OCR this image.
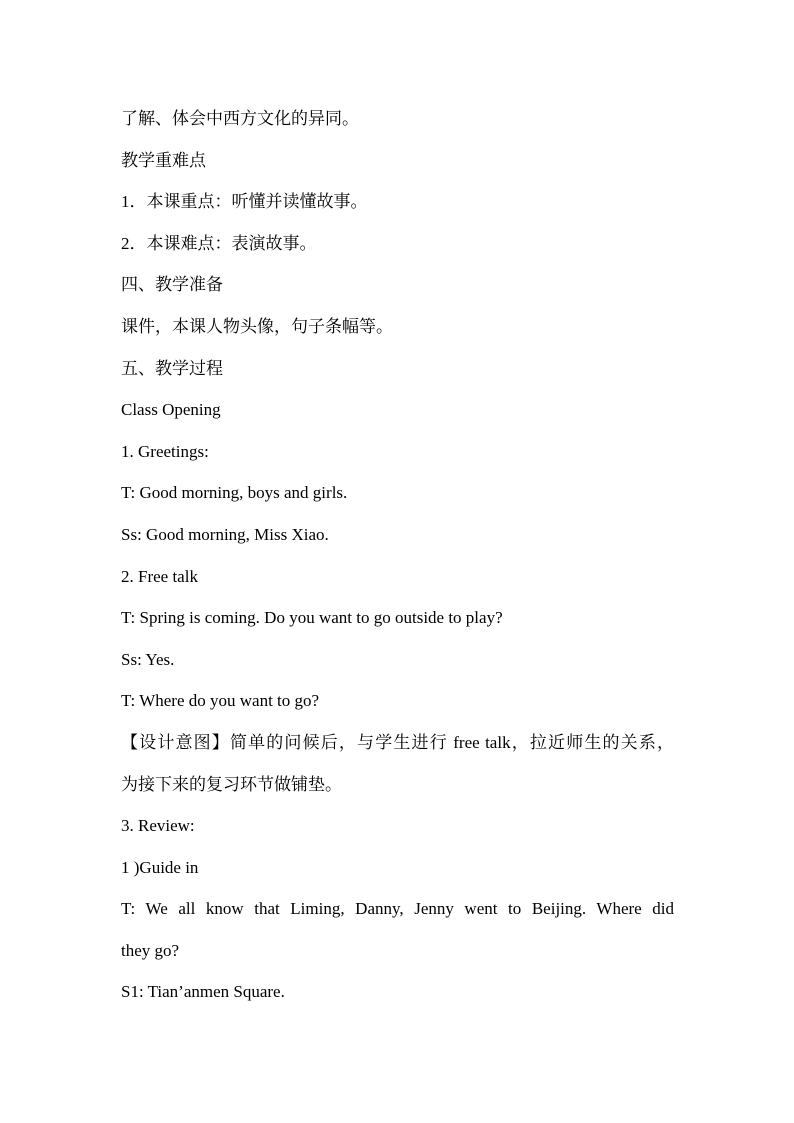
了解、体会中西方文化的异同。
教学重难点
1．本课重点：听懂并读懂故事。
2．本课难点：表演故事。
四、教学准备
课件，本课人物头像，句子条幅等。
五、教学过程
Class Opening
1. Greetings:
T: Good morning, boys and girls.
Ss: Good morning, Miss Xiao.
2. Free talk
T: Spring is coming. Do you want to go outside to play?
Ss: Yes.
T: Where do you want to go?
【设计意图】简单的问候后，与学生进行 free talk，拉近师生的关系，
为接下来的复习环节做铺垫。
3. Review:
1 )Guide in
T: We all know that Liming, Danny, Jenny went to Beijing. Where did
they go?
S1: Tian’anmen Square.
